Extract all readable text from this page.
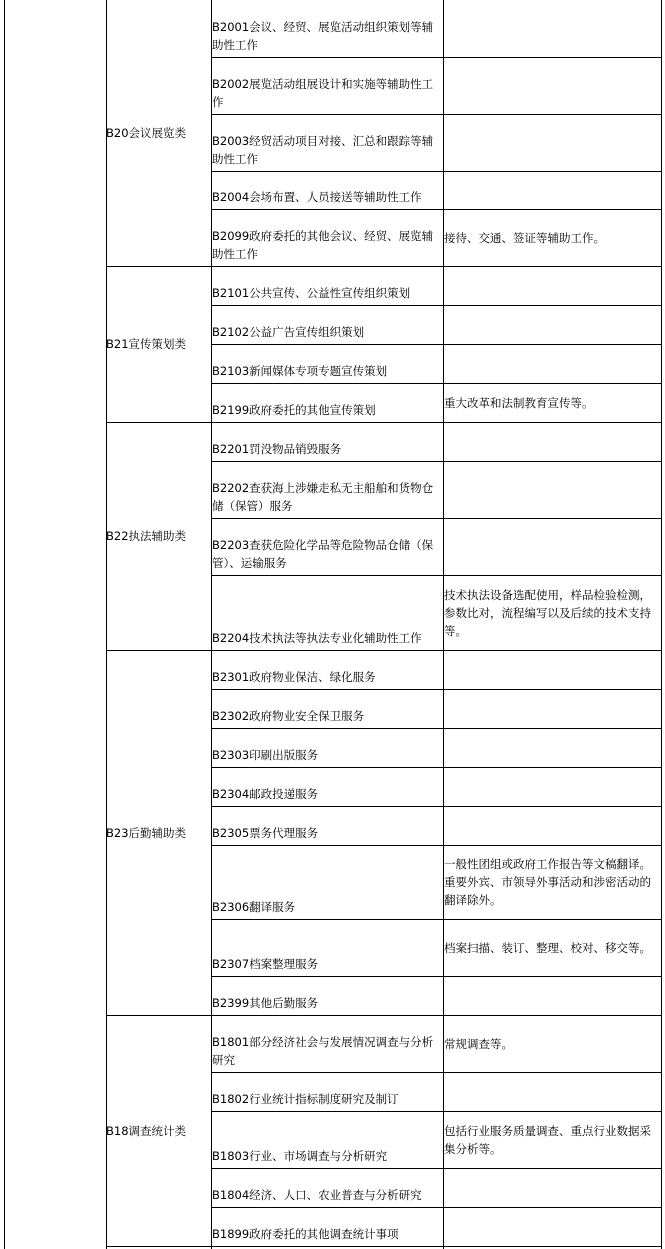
B20会议展览类
B2001会议、经贸、展览活动组织策划等辅助性工作
B2002展览活动组展设计和实施等辅助性工作
B2003经贸活动项目对接、汇总和跟踪等辅助性工作
B2004会场布置、人员接送等辅助性工作
B2099政府委托的其他会议、经贸、展览辅助性工作
接待、交通、签证等辅助工作。
B21宣传策划类
B2101公共宣传、公益性宣传组织策划
B2102公益广告宣传组织策划
B2103新闻媒体专项专题宣传策划
B2199政府委托的其他宣传策划
重大改革和法制教育宣传等。
B22执法辅助类
B2201罚没物品销毁服务
B2202查获海上涉嫌走私无主船舶和货物仓储（保管）服务
B2203查获危险化学品等危险物品仓储（保管）、运输服务
B2204技术执法等执法专业化辅助性工作
技术执法设备选配使用，样品检验检测，参数比对，流程编写以及后续的技术支持等。
B23后勤辅助类
B2301政府物业保洁、绿化服务
B2302政府物业安全保卫服务
B2303印刷出版服务
B2304邮政投递服务
B2305票务代理服务
B2306翻译服务
一般性团组或政府工作报告等文稿翻译。重要外宾、市领导外事活动和涉密活动的翻译除外。
B2307档案整理服务
档案扫描、装订、整理、校对、移交等。
B2399其他后勤服务
B18调查统计类
B1801部分经济社会与发展情况调查与分析研究
常规调查等。
B1802行业统计指标制度研究及制订
B1803行业、市场调查与分析研究
包括行业服务质量调查、重点行业数据采集分析等。
B1804经济、人口、农业普查与分析研究
B1899政府委托的其他调查统计事项
